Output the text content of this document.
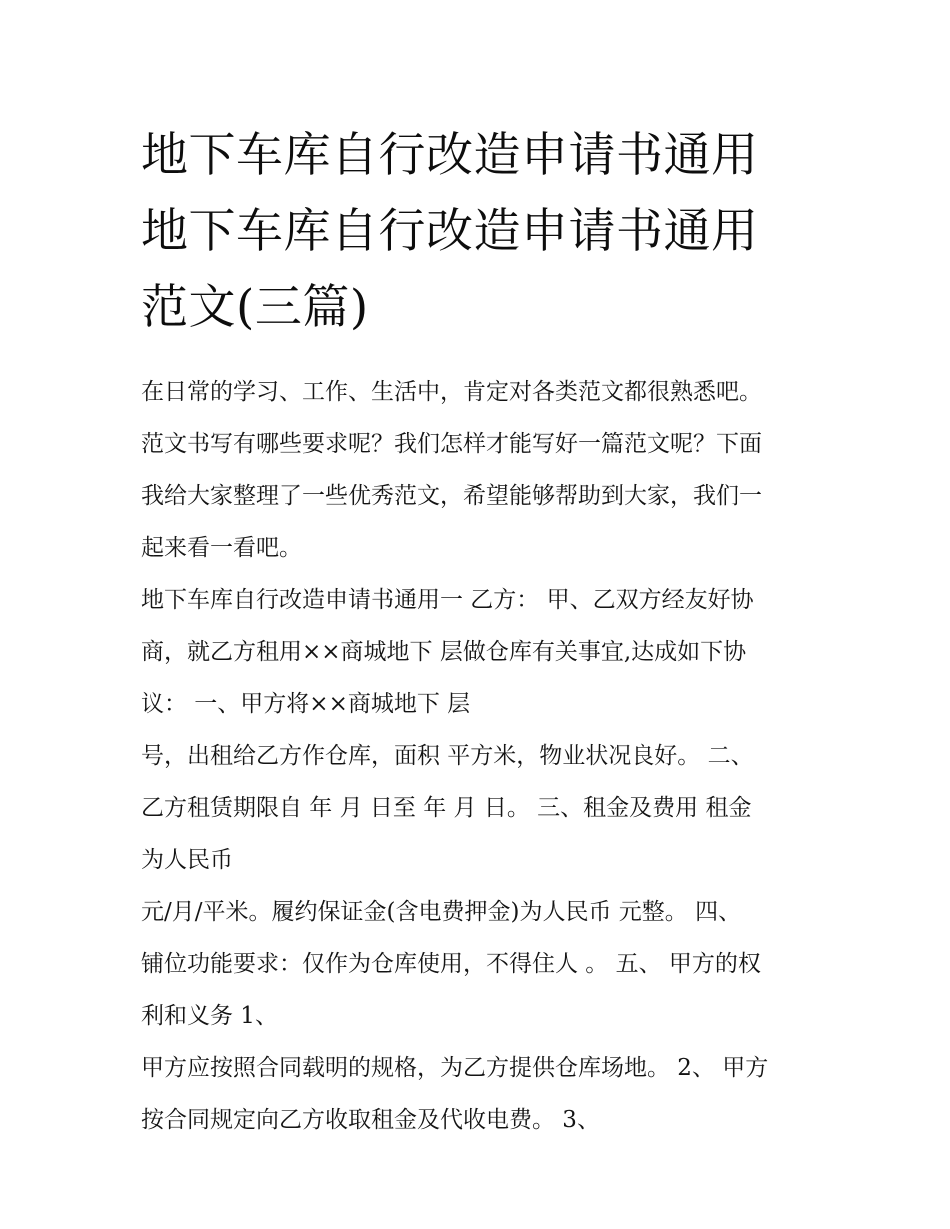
地下车库自行改造申请书通用

地下车库自行改造申请书通用

范文(三篇)

在日常的学习、工作、生活中，肯定对各类范文都很熟悉吧。

范文书写有哪些要求呢？我们怎样才能写好一篇范文呢？下面

我给大家整理了一些优秀范文，希望能够帮助到大家，我们一

起来看一看吧。

地下车库自行改造申请书通用一 乙方： 甲、乙双方经友好协

商，就乙方租用××商城地下 层做仓库有关事宜,达成如下协

议： 一、甲方将××商城地下 层

号，出租给乙方作仓库，面积 平方米，物业状况良好。 二、

乙方租赁期限自 年 月 日至 年 月 日。 三、租金及费用 租金

为人民币

元/月/平米。履约保证金(含电费押金)为人民币 元整。 四、

铺位功能要求：仅作为仓库使用，不得住人 。 五、 甲方的权

利和义务 1、

甲方应按照合同载明的规格，为乙方提供仓库场地。 2、 甲方

按合同规定向乙方收取租金及代收电费。 3、
